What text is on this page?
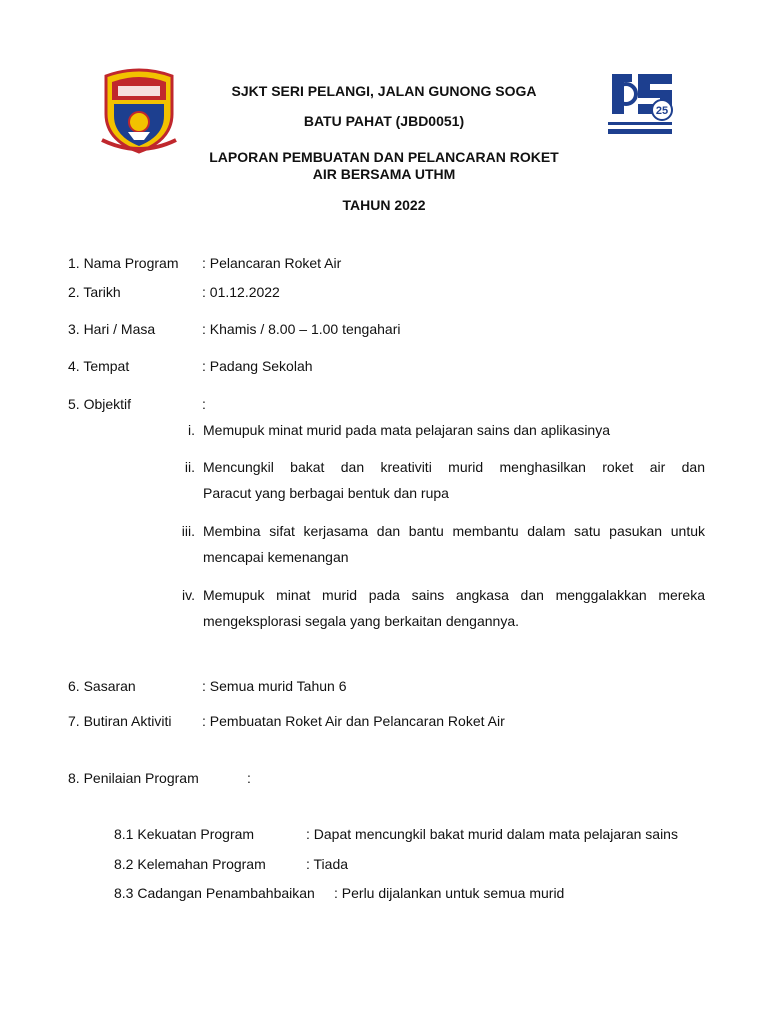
25
SJKT SERI PELANGI, JALAN GUNONG SOGA
BATU PAHAT (JBD0051)
LAPORAN PEMBUATAN DAN PELANCARAN ROKET
AIR BERSAMA UTHM
TAHUN 2022
1. Nama Program : Pelancaran Roket Air
2. Tarikh	: 01.12.2022
3. Hari / Masa	: Khamis / 8.00 – 1.00 tengahari
4. Tempat	: Padang Sekolah
5. Objektif	:
i. Memupuk minat murid pada mata pelajaran sains dan aplikasinya
ii. Mencungkil bakat dan kreativiti murid menghasilkan roket air dan
Paracut yang berbagai bentuk dan rupa
iii. Membina sifat kerjasama dan bantu membantu dalam satu pasukan untuk
mencapai kemenangan
iv. Memupuk minat murid pada sains angkasa dan menggalakkan mereka
mengeksplorasi segala yang berkaitan dengannya.
6. Sasaran	: Semua murid Tahun 6
7. Butiran Aktiviti : Pembuatan Roket Air dan Pelancaran Roket Air
8. Penilaian Program	:
8.1 Kekuatan Program	: Dapat mencungkil bakat murid dalam mata pelajaran sains
8.2 Kelemahan Program	: Tiada
8.3 Cadangan Penambahbaikan : Perlu dijalankan untuk semua murid
